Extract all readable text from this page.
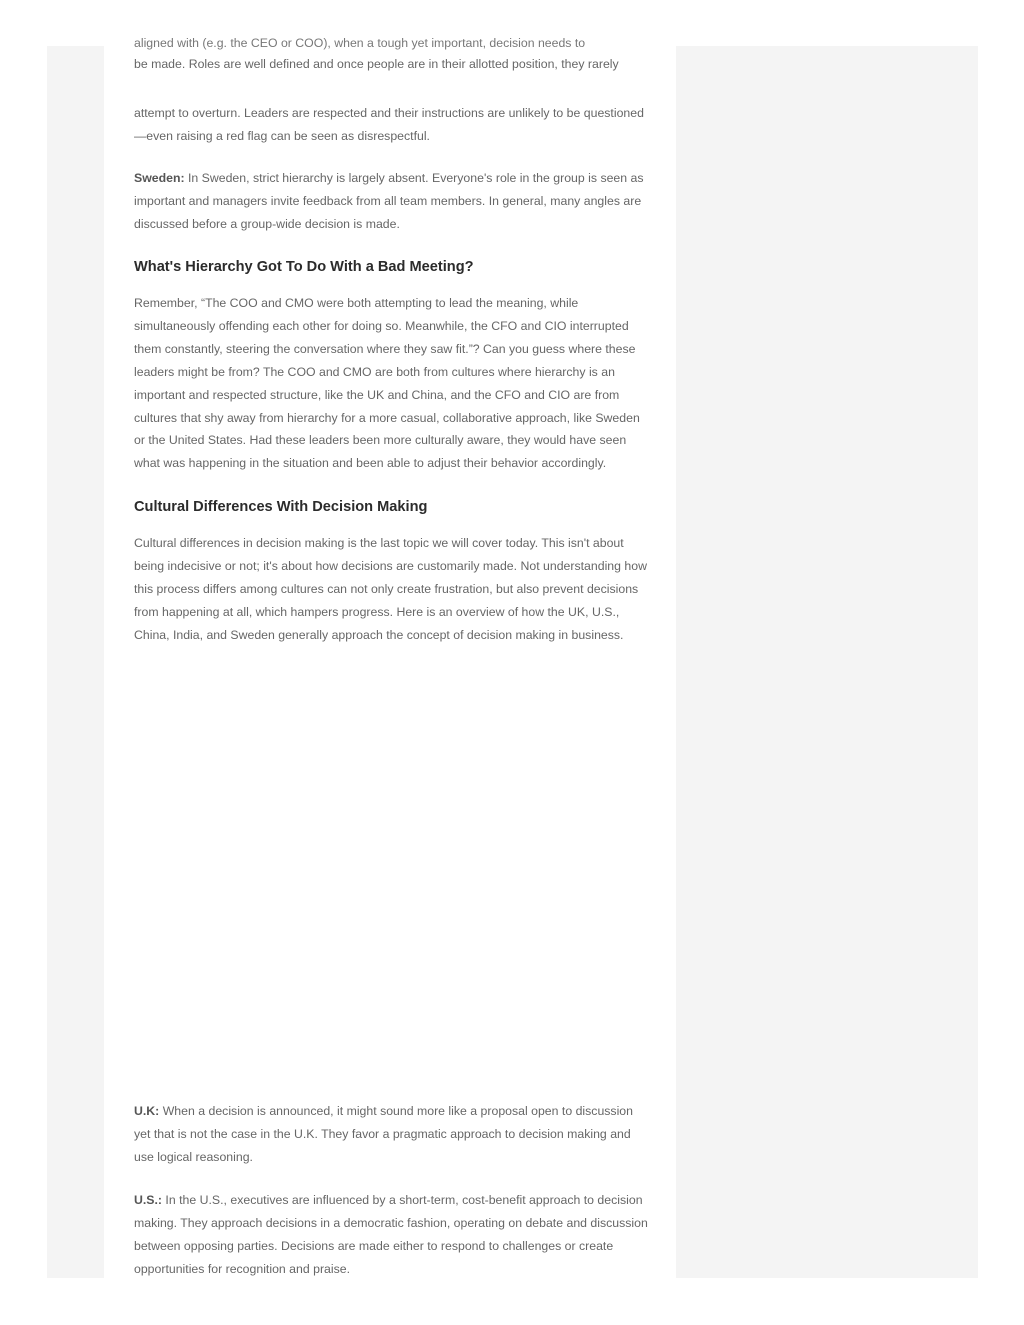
aligned with (e.g. the CEO or COO), when a tough yet important, decision needs to

be made. Roles are well defined and once people are in their allotted position, they rarely

attempt to overturn. Leaders are respected and their instructions are unlikely to be questioned—even raising a red flag can be seen as disrespectful.

Sweden: In Sweden, strict hierarchy is largely absent. Everyone's role in the group is seen as important and managers invite feedback from all team members. In general, many angles are discussed before a group-wide decision is made.

What's Hierarchy Got To Do With a Bad Meeting?

Remember, “The COO and CMO were both attempting to lead the meaning, while simultaneously offending each other for doing so. Meanwhile, the CFO and CIO interrupted them constantly, steering the conversation where they saw fit.”? Can you guess where these leaders might be from? The COO and CMO are both from cultures where hierarchy is an important and respected structure, like the UK and China, and the CFO and CIO are from cultures that shy away from hierarchy for a more casual, collaborative approach, like Sweden or the United States. Had these leaders been more culturally aware, they would have seen what was happening in the situation and been able to adjust their behavior accordingly.

Cultural Differences With Decision Making

Cultural differences in decision making is the last topic we will cover today. This isn't about being indecisive or not; it's about how decisions are customarily made. Not understanding how this process differs among cultures can not only create frustration, but also prevent decisions from happening at all, which hampers progress. Here is an overview of how the UK, U.S., China, India, and Sweden generally approach the concept of decision making in business.

U.K: When a decision is announced, it might sound more like a proposal open to discussion yet that is not the case in the U.K. They favor a pragmatic approach to decision making and use logical reasoning.

U.S.: In the U.S., executives are influenced by a short-term, cost-benefit approach to decision making. They approach decisions in a democratic fashion, operating on debate and discussion between opposing parties. Decisions are made either to respond to challenges or create opportunities for recognition and praise.
